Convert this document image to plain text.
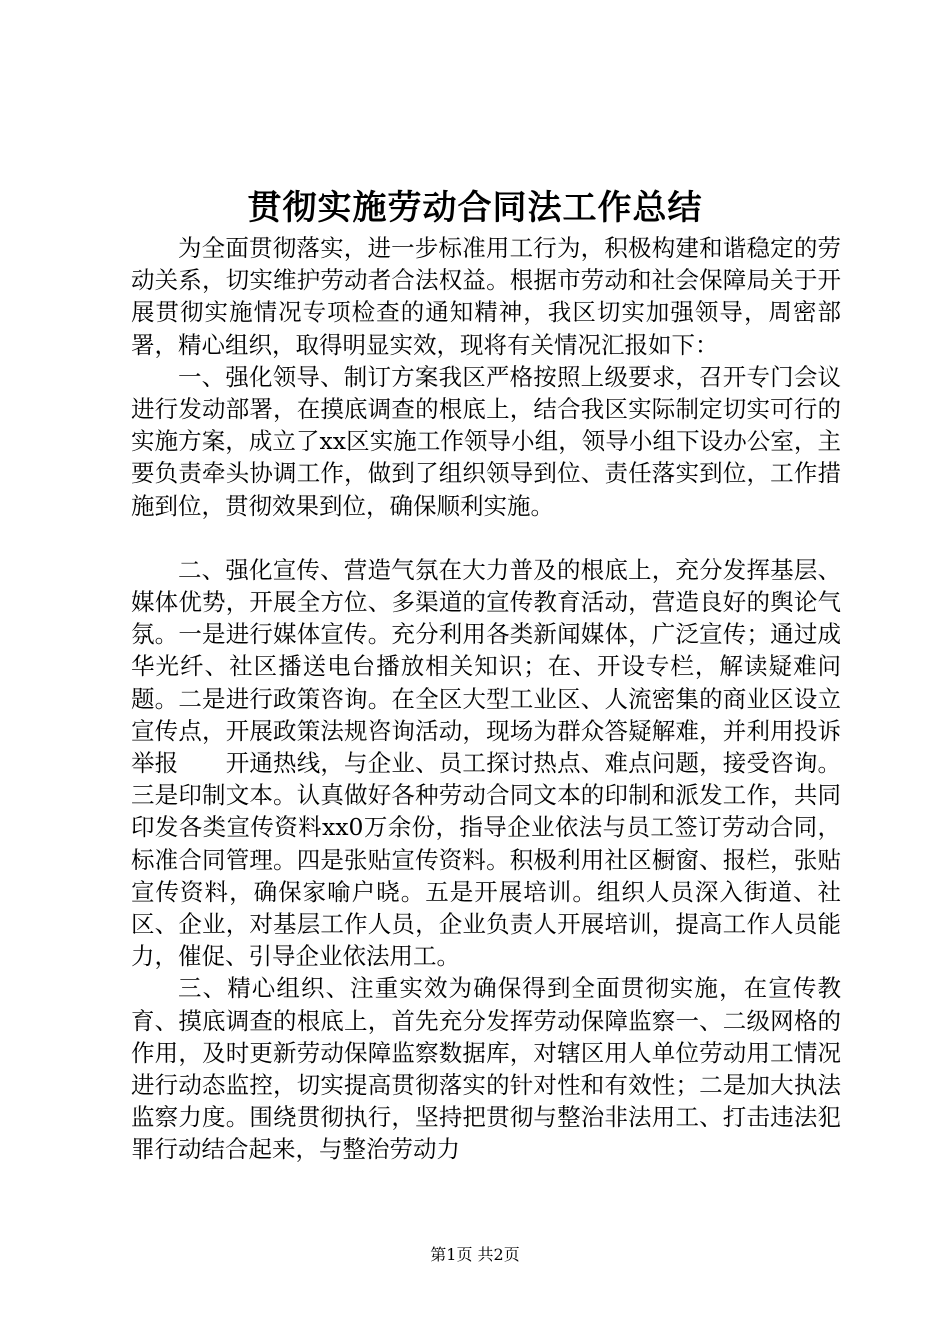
贯彻实施劳动合同法工作总结

为全面贯彻落实，进一步标准用工行为，积极构建和谐稳定的劳动关系，切实维护劳动者合法权益。根据市劳动和社会保障局关于开展贯彻实施情况专项检查的通知精神，我区切实加强领导，周密部署，精心组织，取得明显实效，现将有关情况汇报如下：

一、强化领导、制订方案我区严格按照上级要求，召开专门会议进行发动部署，在摸底调查的根底上，结合我区实际制定切实可行的实施方案，成立了xx区实施工作领导小组，领导小组下设办公室，主要负责牵头协调工作，做到了组织领导到位、责任落实到位，工作措施到位，贯彻效果到位，确保顺利实施。

二、强化宣传、营造气氛在大力普及的根底上，充分发挥基层、媒体优势，开展全方位、多渠道的宣传教育活动，营造良好的舆论气氛。一是进行媒体宣传。充分利用各类新闻媒体，广泛宣传；通过成华光纤、社区播送电台播放相关知识；在、开设专栏，解读疑难问题。二是进行政策咨询。在全区大型工业区、人流密集的商业区设立宣传点，开展政策法规咨询活动，现场为群众答疑解难，并利用投诉举报　　开通热线，与企业、员工探讨热点、难点问题，接受咨询。三是印制文本。认真做好各种劳动合同文本的印制和派发工作，共同印发各类宣传资料xx0万余份，指导企业依法与员工签订劳动合同，标准合同管理。四是张贴宣传资料。积极利用社区橱窗、报栏，张贴宣传资料，确保家喻户晓。五是开展培训。组织人员深入街道、社区、企业，对基层工作人员，企业负责人开展培训，提高工作人员能力，催促、引导企业依法用工。

三、精心组织、注重实效为确保得到全面贯彻实施，在宣传教育、摸底调查的根底上，首先充分发挥劳动保障监察一、二级网格的作用，及时更新劳动保障监察数据库，对辖区用人单位劳动用工情况进行动态监控，切实提高贯彻落实的针对性和有效性；二是加大执法监察力度。围绕贯彻执行，坚持把贯彻与整治非法用工、打击违法犯罪行动结合起来，与整治劳动力

第1页 共2页
